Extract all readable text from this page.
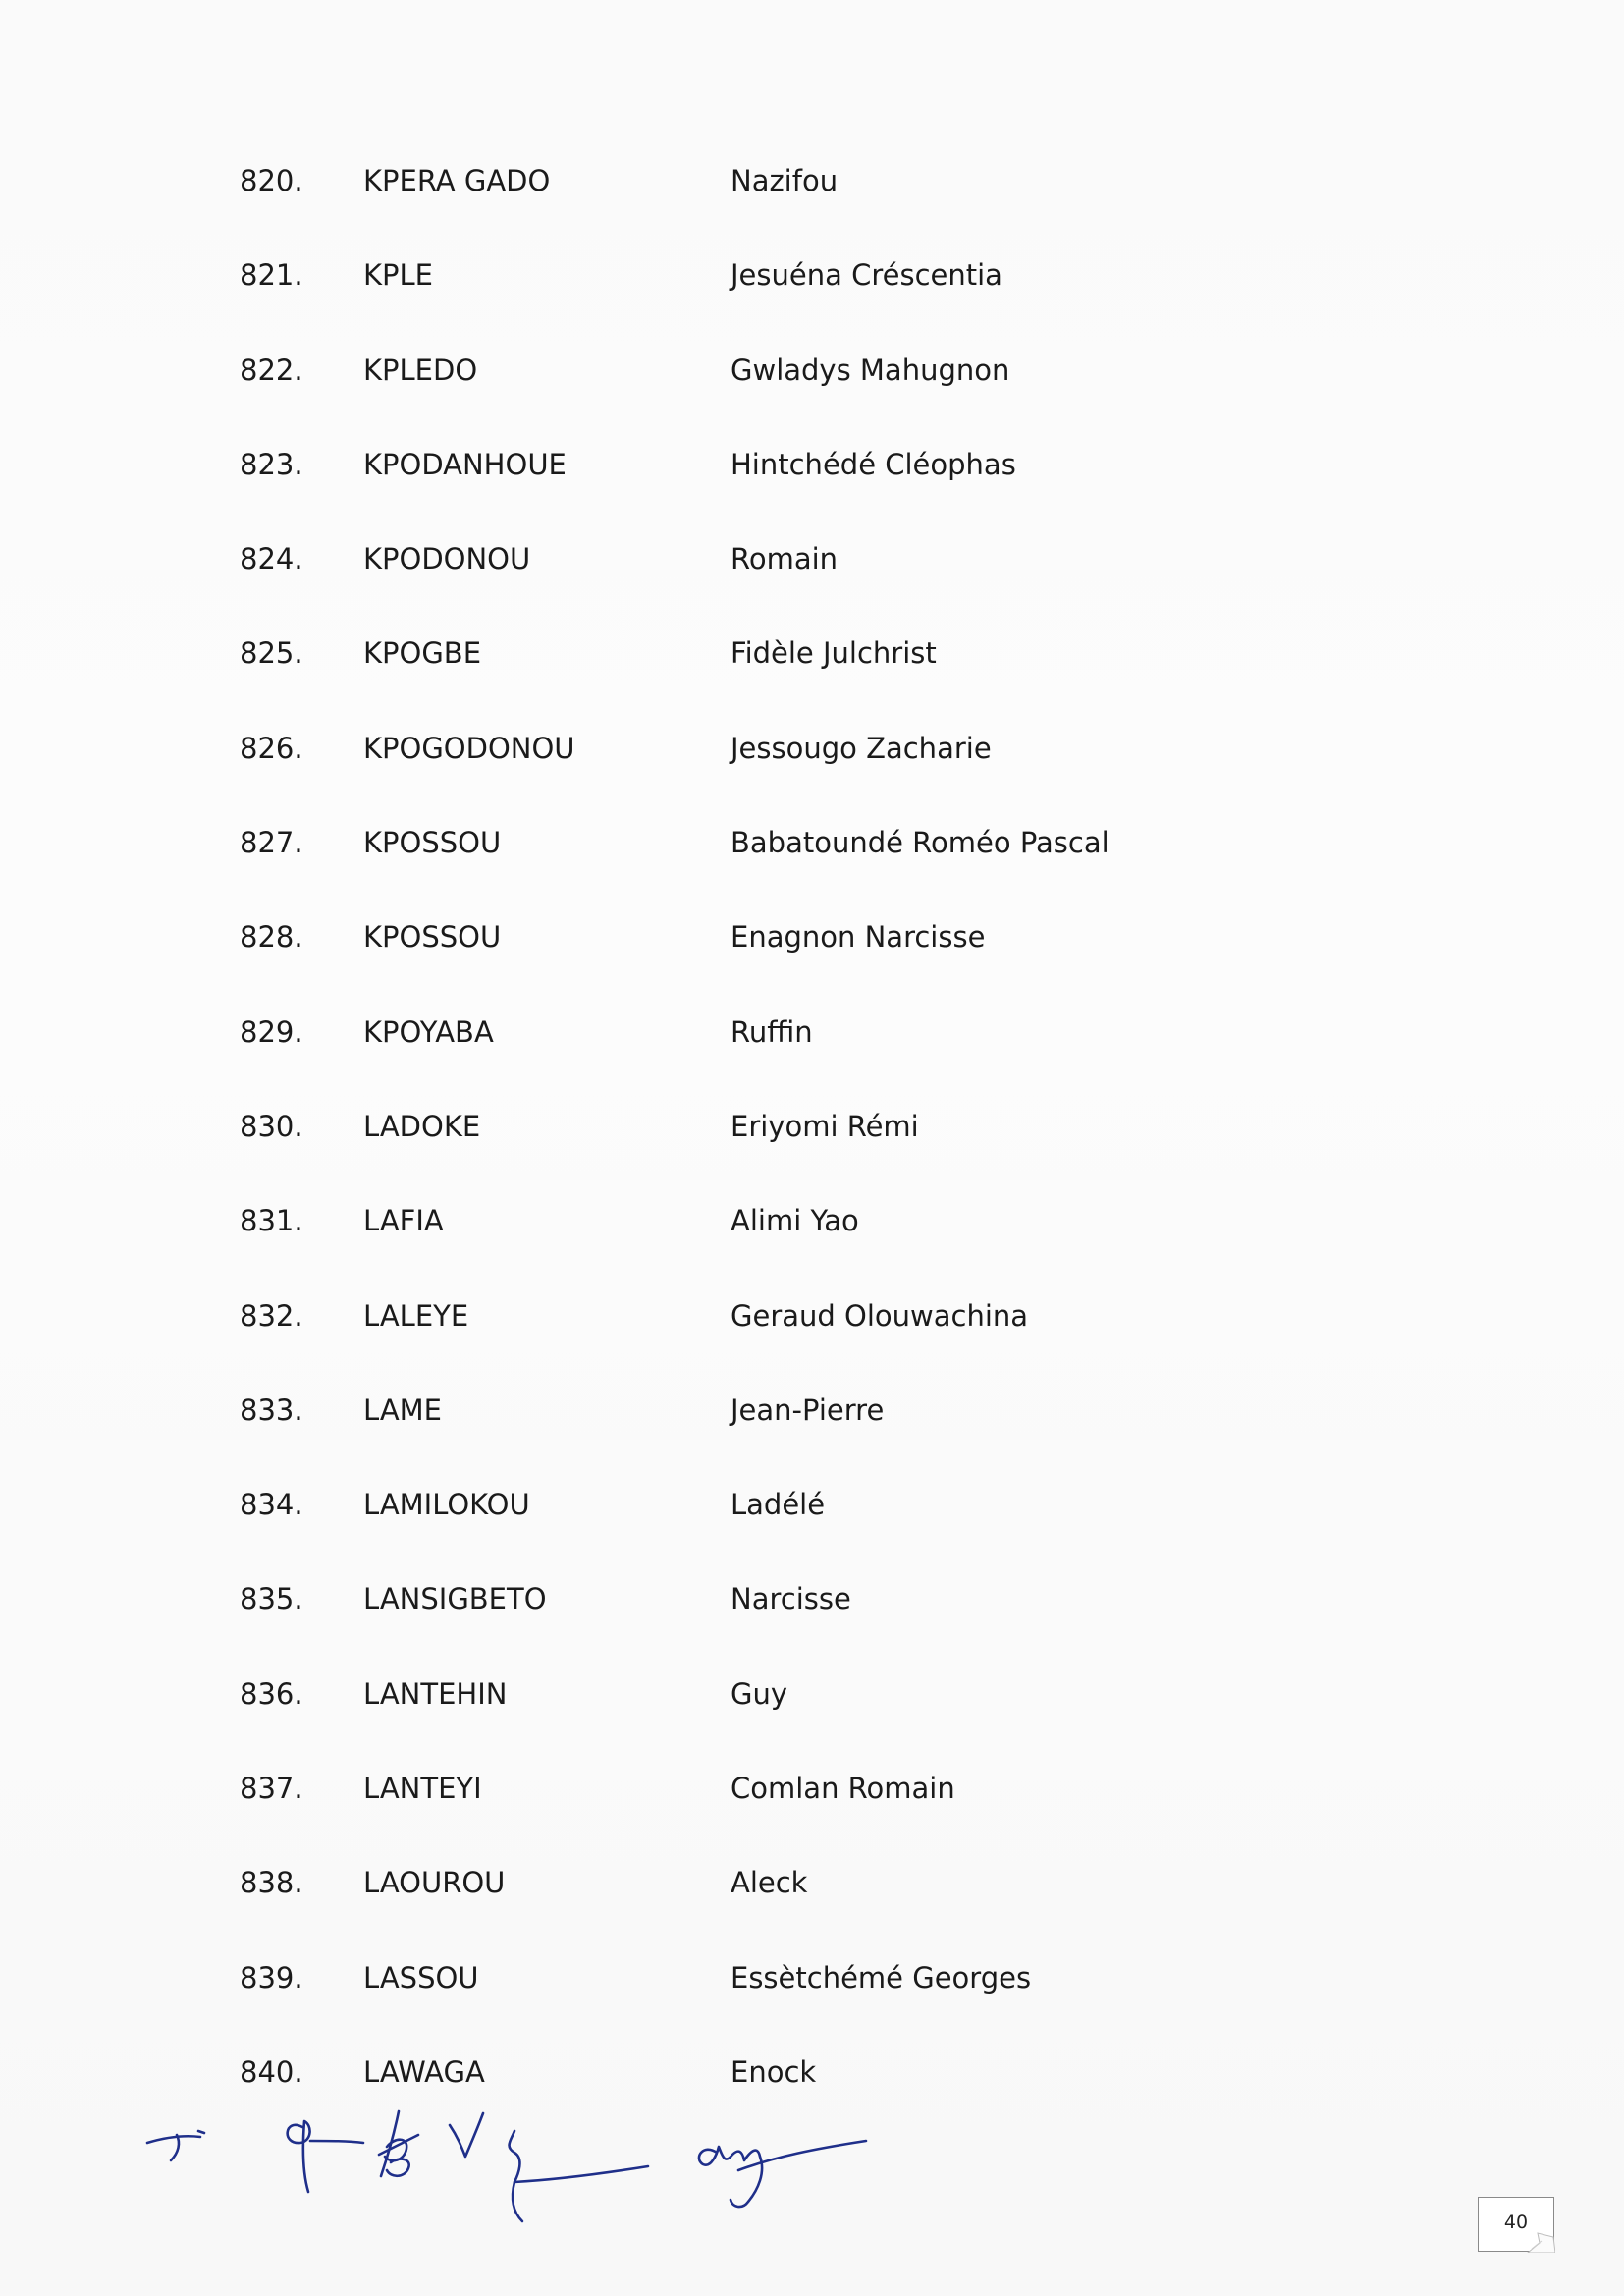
820. KPERA GADO	Nazifou
821. KPLE	Jesuéna Créscentia
822. KPLEDO	Gwladys Mahugnon
823. KPODANHOUE	Hintchédé Cléophas
824. KPODONOU	Romain
825. KPOGBE	Fidèle Julchrist
826. KPOGODONOU	Jessougo Zacharie
827. KPOSSOU	Babatoundé Roméo Pascal
828. KPOSSOU	Enagnon Narcisse
829. KPOYABA	Ruffin
830. LADOKE	Eriyomi Rémi
831. LAFIA	Alimi Yao
832. LALEYE	Geraud Olouwachina
833. LAME	Jean-Pierre
834. LAMILOKOU	Ladélé
835. LANSIGBETO	Narcisse
836. LANTEHIN	Guy
837. LANTEYI	Comlan Romain
838. LAOUROU	Aleck
839. LASSOU	Essètchémé Georges
840. LAWAGA	Enock
40
